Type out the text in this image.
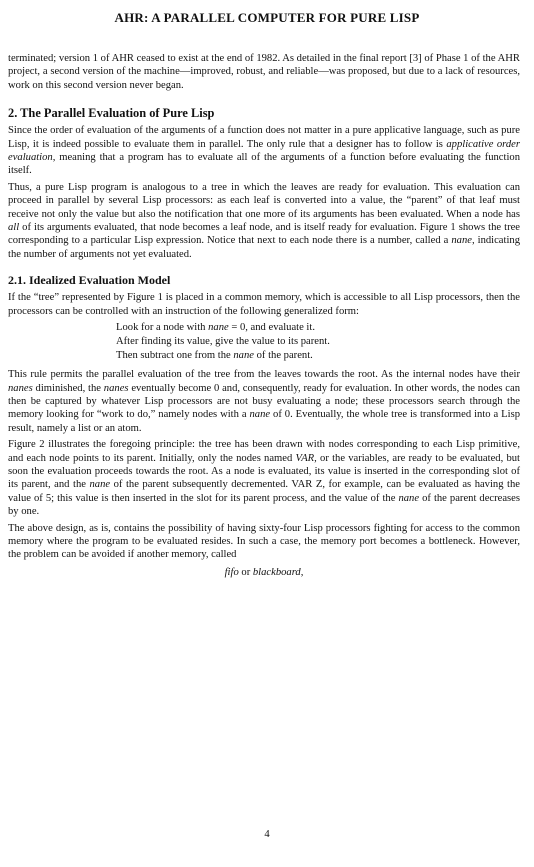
AHR: A PARALLEL COMPUTER FOR PURE LISP

terminated; version 1 of AHR ceased to exist at the end of 1982. As detailed in the final report [3] of Phase 1 of the AHR project, a second version of the machine—improved, robust, and reliable—was proposed, but due to a lack of resources, work on this second version never began.

2. The Parallel Evaluation of Pure Lisp

Since the order of evaluation of the arguments of a function does not matter in a pure applicative language, such as pure Lisp, it is indeed possible to evaluate them in parallel. The only rule that a designer has to follow is applicative order evaluation, meaning that a program has to evaluate all of the arguments of a function before evaluating the function itself.

Thus, a pure Lisp program is analogous to a tree in which the leaves are ready for evaluation. This evaluation can proceed in parallel by several Lisp processors: as each leaf is converted into a value, the “parent” of that leaf must receive not only the value but also the notification that one more of its arguments has been evaluated. When a node has all of its arguments evaluated, that node becomes a leaf node, and is itself ready for evaluation. Figure 1 shows the tree corresponding to a particular Lisp expression. Notice that next to each node there is a number, called a nane, indicating the number of arguments not yet evaluated.

2.1. Idealized Evaluation Model

If the “tree” represented by Figure 1 is placed in a common memory, which is accessible to all Lisp processors, then the processors can be controlled with an instruction of the following generalized form:

Look for a node with nane = 0, and evaluate it.
After finding its value, give the value to its parent.
Then subtract one from the nane of the parent.

This rule permits the parallel evaluation of the tree from the leaves towards the root. As the internal nodes have their nanes diminished, the nanes eventually become 0 and, consequently, ready for evaluation. In other words, the nodes can then be captured by whatever Lisp processors are not busy evaluating a node; these processors search through the memory looking for “work to do,” namely nodes with a nane of 0. Eventually, the whole tree is transformed into a Lisp result, namely a list or an atom.

Figure 2 illustrates the foregoing principle: the tree has been drawn with nodes corresponding to each Lisp primitive, and each node points to its parent. Initially, only the nodes named VAR, or the variables, are ready to be evaluated, but soon the evaluation proceeds towards the root. As a node is evaluated, its value is inserted in the corresponding slot of its parent, and the nane of the parent subsequently decremented. VAR Z, for example, can be evaluated as having the value of 5; this value is then inserted in the slot for its parent process, and the value of the nane of the parent decreases by one.

The above design, as is, contains the possibility of having sixty-four Lisp processors fighting for access to the common memory where the program to be evaluated resides. In such a case, the memory port becomes a bottleneck. However, the problem can be avoided if another memory, called

fifo or blackboard,
4
